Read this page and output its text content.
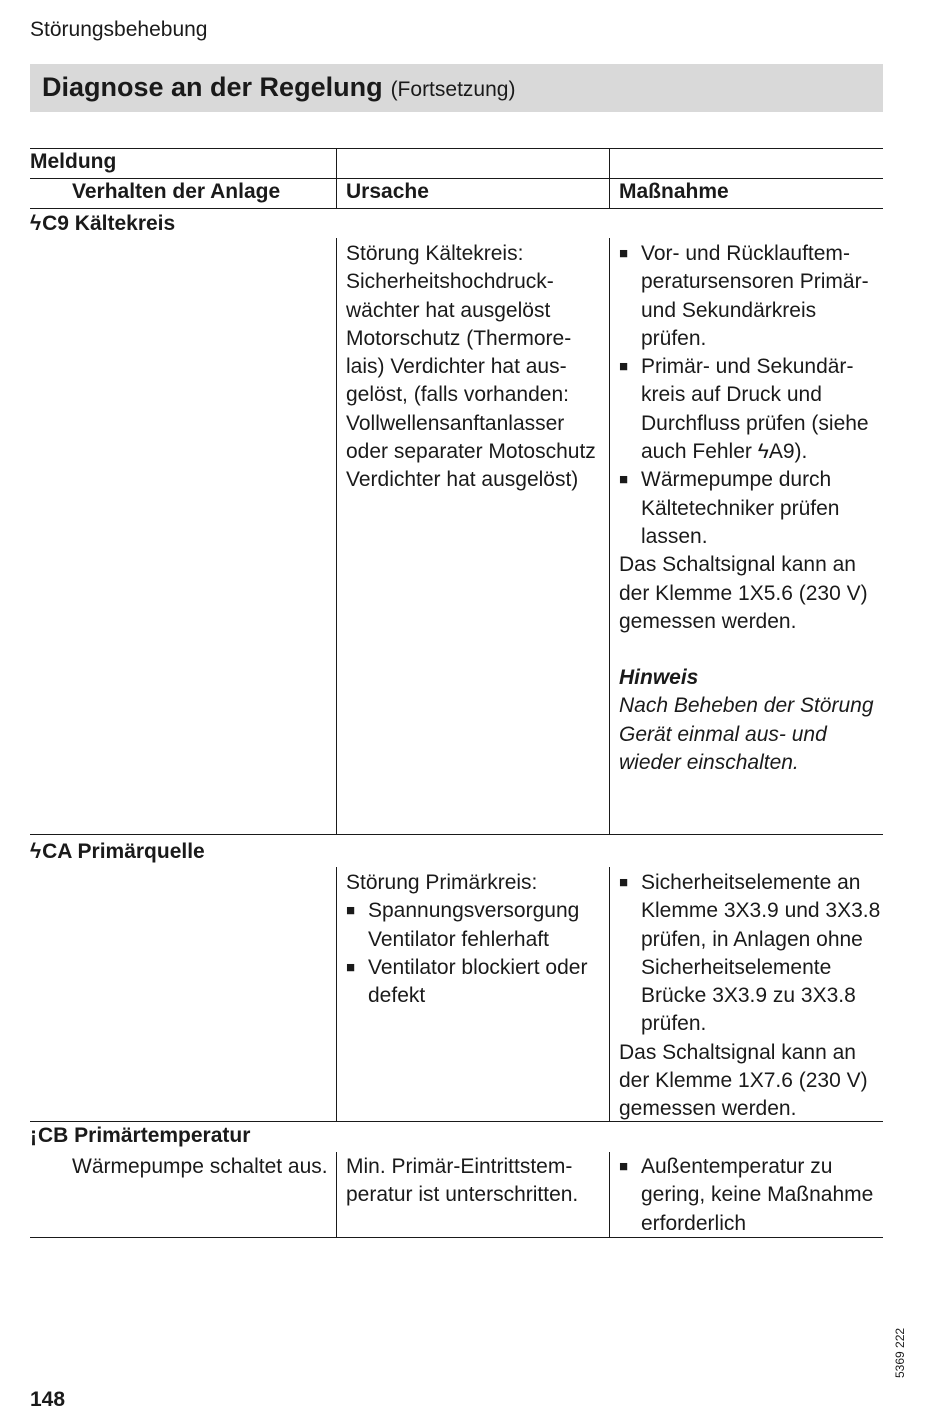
Störungsbehebung
Diagnose an der Regelung (Fortsetzung)
Meldung
Verhalten der Anlage	Ursache	Maßnahme
ϟC9 Kältekreis

Störung Kältekreis: Sicherheitshochdruckwächter hat ausgelöst Motorschutz (Thermorelais) Verdichter hat ausgelöst, (falls vorhanden: Vollwellensanftanlasser oder separater Motoschutz Verdichter hat ausgelöst)

■ Vor- und Rücklauftemperatursensoren Primär- und Sekundärkreis prüfen.
■ Primär- und Sekundärkreis auf Druck und Durchfluss prüfen (siehe auch Fehler ϟA9).
■ Wärmepumpe durch Kältetechniker prüfen lassen.

Das Schaltsignal kann an der Klemme 1X5.6 (230 V) gemessen werden.

Hinweis

Nach Beheben der Störung Gerät einmal aus- und wieder einschalten.

ϟCA Primärquelle

Störung Primärkreis:

■ Spannungsversorgung Ventilator fehlerhaft
■ Ventilator blockiert oder defekt
■ Sicherheitselemente an Klemme 3X3.9 und 3X3.8 prüfen, in Anlagen ohne Sicherheitselemente Brücke 3X3.9 zu 3X3.8 prüfen.

Das Schaltsignal kann an der Klemme 1X7.6 (230 V) gemessen werden.

¡CB Primärtemperatur
Wärmepumpe schaltet aus. Min. Primär-Eintrittstemperatur ist unterschritten.

■ Außentemperatur zu gering, keine Maßnahme erforderlich
5369 222
148
